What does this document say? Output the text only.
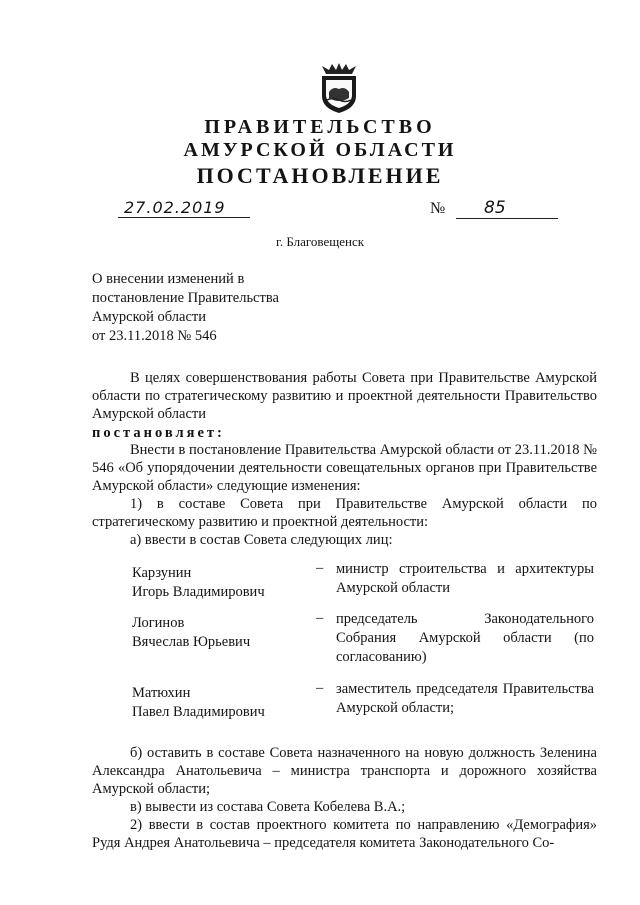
ПРАВИТЕЛЬСТВО
АМУРСКОЙ ОБЛАСТИ
ПОСТАНОВЛЕНИЕ
27.02.2019	№	85
г. Благовещенск
О внесении изменений в
постановление Правительства
Амурской области
от 23.11.2018 № 546
В целях совершенствования работы Совета при Правительстве Амурской области по стратегическому развитию и проектной деятельности Правительство Амурской области
постановляет:
Внести в постановление Правительства Амурской области от 23.11.2018 № 546 «Об упорядочении деятельности совещательных органов при Правительстве Амурской области» следующие изменения:
1) в составе Совета при Правительстве Амурской области по стратегическому развитию и проектной деятельности:
а) ввести в состав Совета следующих лиц:
Карзунин
Игорь Владимирович
– министр строительства и архитектуры Амурской области
Логинов
Вячеслав Юрьевич
– председатель Законодательного Собрания Амурской области (по согласованию)
Матюхин
Павел Владимирович
– заместитель председателя Правительства Амурской области;
б) оставить в составе Совета назначенного на новую должность Зеленина Александра Анатольевича – министра транспорта и дорожного хозяйства Амурской области;
в) вывести из состава Совета Кобелева В.А.;
2) ввести в состав проектного комитета по направлению «Демография» Рудя Андрея Анатольевича – председателя комитета Законодательного Со-
